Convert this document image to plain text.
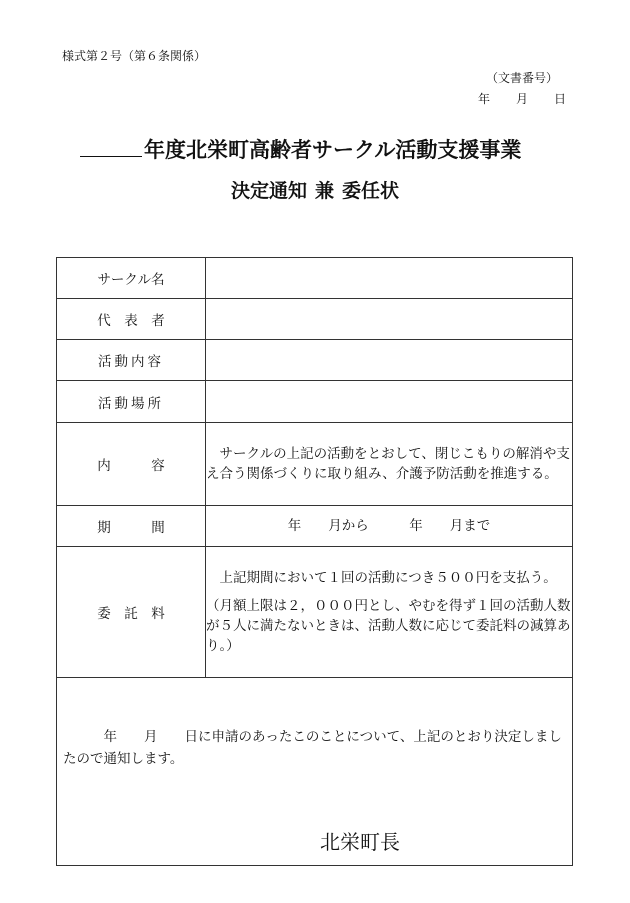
様式第２号（第６条関係）
（文書番号）
年 月 日
年度北栄町高齢者サークル活動支援事業
決定通知 兼 委任状
サークル名	
代　表　者	
活動内容	
活動場所	
内　　　容	サークルの上記の活動をとおして、閉じこもりの解消や支え合う関係づくりに取り組み、介護予防活動を推進する。
期　　　間	年　　月から　　　年　　月まで
委　託　料	上記期間において１回の活動につき５００円を支払う。
（月額上限は２，０００円とし、やむを得ず１回の活動人数が５人に満たないときは、活動人数に応じて委託料の減算あり。）

　　　年　　月　　日に申請のあったこのことについて、上記のとおり決定しましたので通知します。
北栄町長	
